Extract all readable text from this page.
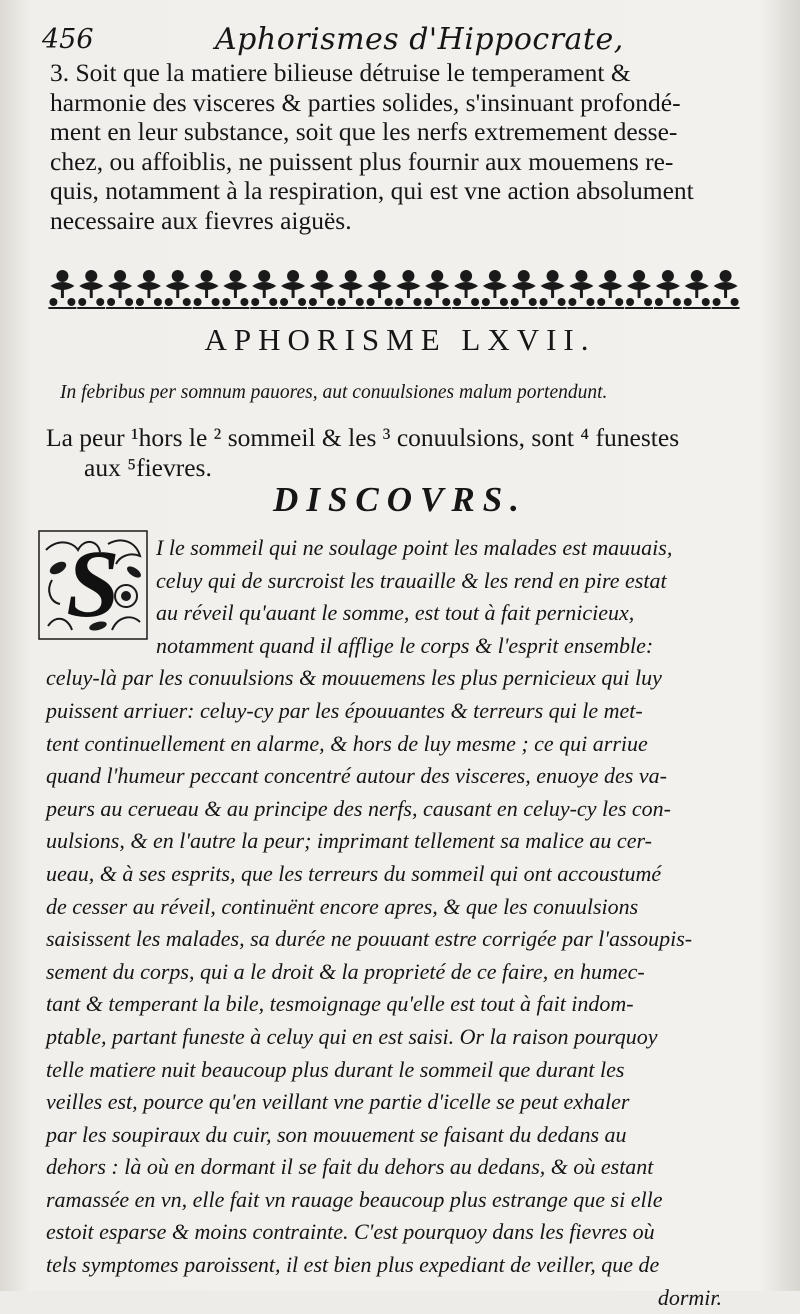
456	Aphorismes d'Hippocrate,
3. Soit que la matiere bilieuse détruise le temperament &
harmonie des visceres & parties solides, s'insinuant profondé-
ment en leur substance, soit que les nerfs extremement desse-
chez, ou affoiblis, ne puissent plus fournir aux mouemens re-
quis, notamment à la respiration, qui est vne action absolument
necessaire aux fievres aiguës.
APHORISME LXVII.
In febribus per somnum pauores, aut conuulsiones malum portendunt.
La peur ¹hors le ² sommeil & les ³ conuulsions, sont ⁴ funestes
aux ⁵fievres.
DISCOVRS.
S	I le sommeil qui ne soulage point les malades est mauuais,
celuy qui de surcroist les trauaille & les rend en pire estat
au réveil qu'auant le somme, est tout à fait pernicieux,
notamment quand il afflige le corps & l'esprit ensemble:
celuy-là par les conuulsions & mouuemens les plus pernicieux qui luy
puissent arriuer: celuy-cy par les épouuantes & terreurs qui le met-
tent continuellement en alarme, & hors de luy mesme ; ce qui arriue
quand l'humeur peccant concentré autour des visceres, enuoye des va-
peurs au cerueau & au principe des nerfs, causant en celuy-cy les con-
uulsions, & en l'autre la peur; imprimant tellement sa malice au cer-
ueau, & à ses esprits, que les terreurs du sommeil qui ont accoustumé
de cesser au réveil, continuënt encore apres, & que les conuulsions
saisissent les malades, sa durée ne pouuant estre corrigée par l'assoupis-
sement du corps, qui a le droit & la proprieté de ce faire, en humec-
tant & temperant la bile, tesmoignage qu'elle est tout à fait indom-
ptable, partant funeste à celuy qui en est saisi. Or la raison pourquoy
telle matiere nuit beaucoup plus durant le sommeil que durant les
veilles est, pource qu'en veillant vne partie d'icelle se peut exhaler
par les soupiraux du cuir, son mouuement se faisant du dedans au
dehors : là où en dormant il se fait du dehors au dedans, & où estant
ramassée en vn, elle fait vn rauage beaucoup plus estrange que si elle
estoit esparse & moins contrainte. C'est pourquoy dans les fievres où
tels symptomes paroissent, il est bien plus expediant de veiller, que de
dormir.
